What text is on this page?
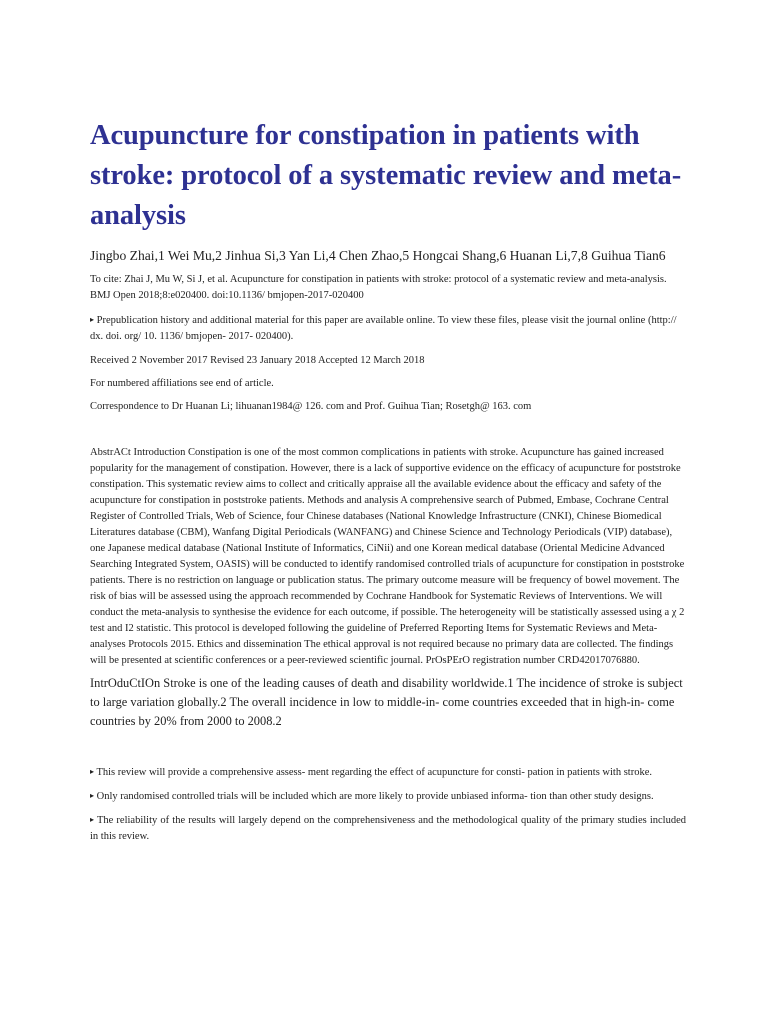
Acupuncture for constipation in patients with stroke: protocol of a systematic review and meta-analysis

Jingbo Zhai,1 Wei Mu,2 Jinhua Si,3 Yan Li,4 Chen Zhao,5 Hongcai Shang,6 Huanan Li,7,8 Guihua Tian6

To cite: Zhai J, Mu W, Si J, et al. Acupuncture for constipation in patients with stroke: protocol of a systematic review and meta-analysis. BMJ Open 2018;8:e020400. doi:10.1136/ bmjopen-2017-020400

▸ Prepublication history and additional material for this paper are available online. To view these files, please visit the journal online (http:// dx. doi. org/ 10. 1136/ bmjopen- 2017- 020400).

Received 2 November 2017 Revised 23 January 2018 Accepted 12 March 2018

For numbered affiliations see end of article.

Correspondence to Dr Huanan Li; lihuanan1984@ 126. com and Prof. Guihua Tian; Rosetgh@ 163. com

AbstrACt Introduction Constipation is one of the most common complications in patients with stroke. Acupuncture has gained increased popularity for the management of constipation. However, there is a lack of supportive evidence on the efficacy of acupuncture for poststroke constipation. This systematic review aims to collect and critically appraise all the available evidence about the efficacy and safety of the acupuncture for constipation in poststroke patients. Methods and analysis A comprehensive search of Pubmed, Embase, Cochrane Central Register of Controlled Trials, Web of Science, four Chinese databases (National Knowledge Infrastructure (CNKI), Chinese Biomedical Literatures database (CBM), Wanfang Digital Periodicals (WANFANG) and Chinese Science and Technology Periodicals (VIP) database), one Japanese medical database (National Institute of Informatics, CiNii) and one Korean medical database (Oriental Medicine Advanced Searching Integrated System, OASIS) will be conducted to identify randomised controlled trials of acupuncture for constipation in poststroke patients. There is no restriction on language or publication status. The primary outcome measure will be frequency of bowel movement. The risk of bias will be assessed using the approach recommended by Cochrane Handbook for Systematic Reviews of Interventions. We will conduct the meta-analysis to synthesise the evidence for each outcome, if possible. The heterogeneity will be statistically assessed using a χ 2 test and I2 statistic. This protocol is developed following the guideline of Preferred Reporting Items for Systematic Reviews and Meta-analyses Protocols 2015. Ethics and dissemination The ethical approval is not required because no primary data are collected. The findings will be presented at scientific conferences or a peer-reviewed scientific journal. PrOsPErO registration number CRD42017076880.

IntrOduCtIOn Stroke is one of the leading causes of death and disability worldwide.1 The incidence of stroke is subject to large variation globally.2 The overall incidence in low to middle-in- come countries exceeded that in high-in- come countries by 20% from 2000 to 2008.2

▸ This review will provide a comprehensive assess- ment regarding the effect of acupuncture for consti- pation in patients with stroke.

▸ Only randomised controlled trials will be included which are more likely to provide unbiased informa- tion than other study designs.

▸ The reliability of the results will largely depend on the comprehensiveness and the methodological quality of the primary studies included in this review.
